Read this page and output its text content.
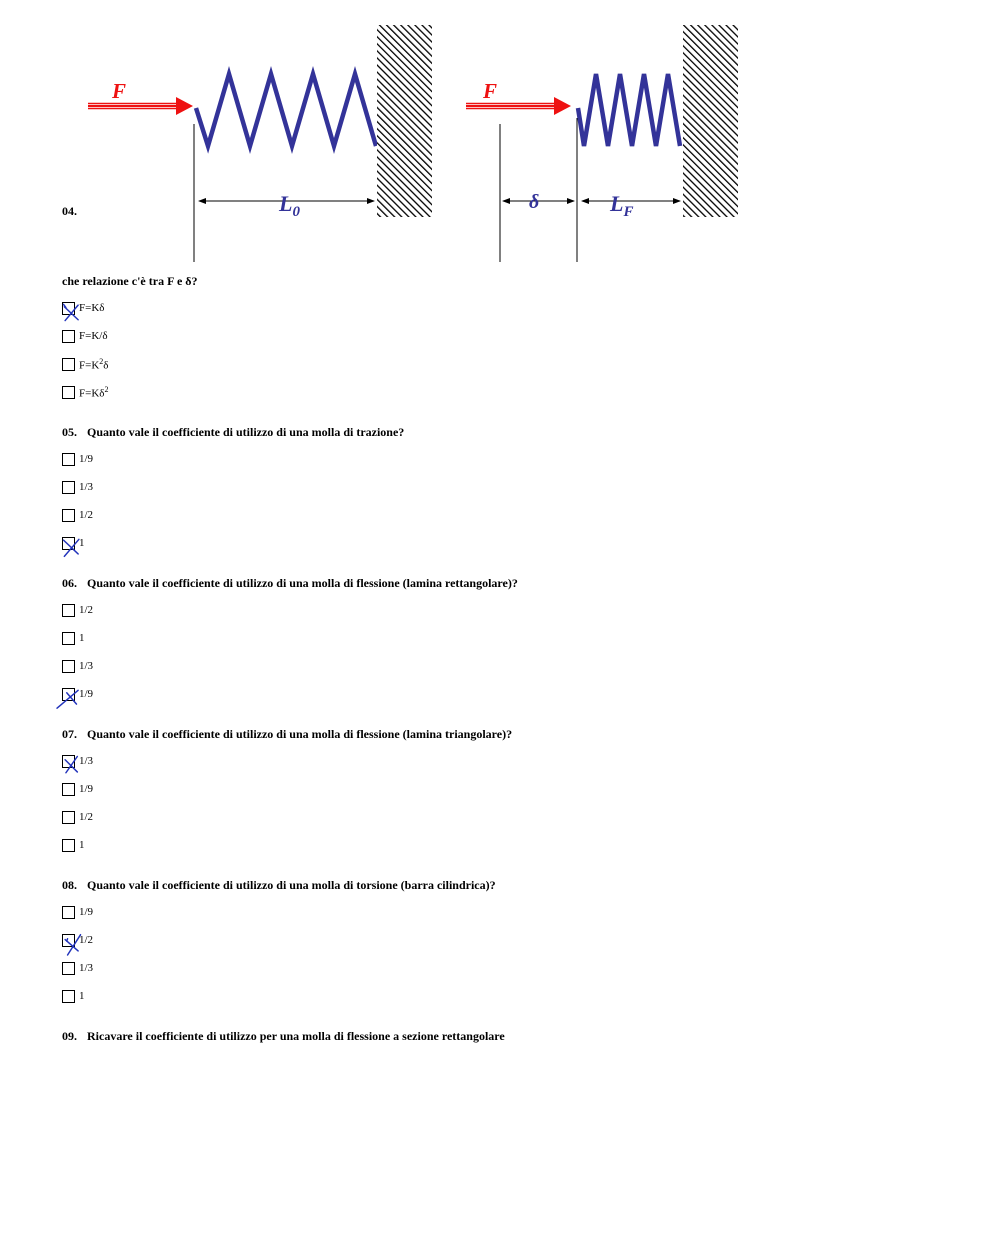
F
$L_0$
F
δ	$L_F$
04.
che relazione c'è tra F e δ?
F=Kδ
F=K/δ
$F=K^2\delta$
$F=K\delta^2$
05. Quanto vale il coefficiente di utilizzo di una molla di trazione?
1/9
1/3
1/2
1
06. Quanto vale il coefficiente di utilizzo di una molla di flessione (lamina rettangolare)?
1/2
1
1/3
1/9
07. Quanto vale il coefficiente di utilizzo di una molla di flessione (lamina triangolare)?
1/3
1/9
1/2
1
08. Quanto vale il coefficiente di utilizzo di una molla di torsione (barra cilindrica)?
1/9
1/2
1/3
1
09. Ricavare il coefficiente di utilizzo per una molla di flessione a sezione rettangolare
